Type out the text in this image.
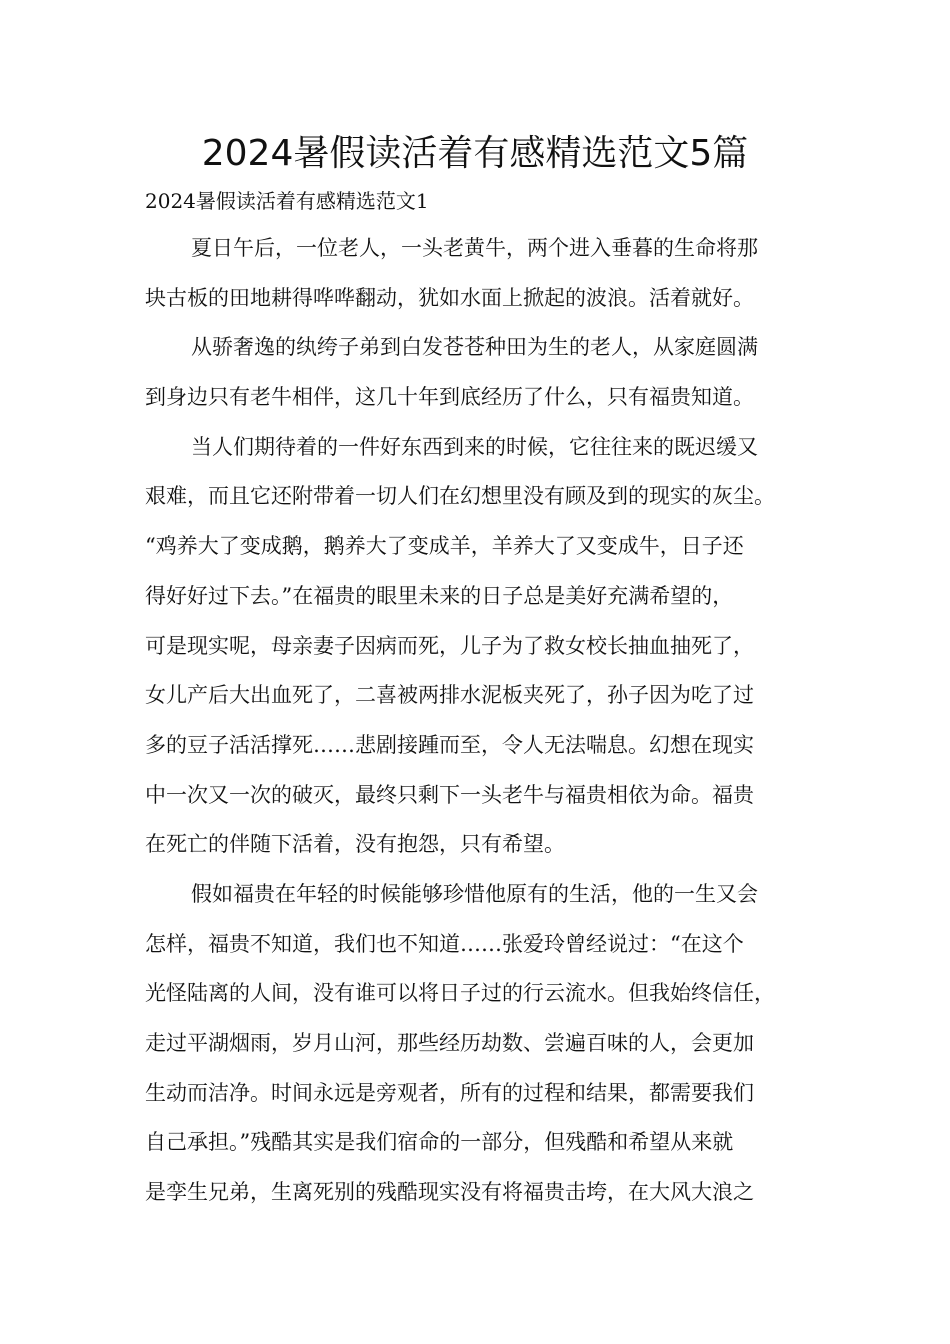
2024暑假读活着有感精选范文5篇
2024暑假读活着有感精选范文1
夏日午后，一位老人，一头老黄牛，两个进入垂暮的生命将那
块古板的田地耕得哗哗翻动，犹如水面上掀起的波浪。活着就好。
从骄奢逸的纨绔子弟到白发苍苍种田为生的老人，从家庭圆满
到身边只有老牛相伴，这几十年到底经历了什么，只有福贵知道。
当人们期待着的一件好东西到来的时候，它往往来的既迟缓又
艰难，而且它还附带着一切人们在幻想里没有顾及到的现实的灰尘。
“鸡养大了变成鹅，鹅养大了变成羊，羊养大了又变成牛，日子还
得好好过下去。”在福贵的眼里未来的日子总是美好充满希望的，
可是现实呢，母亲妻子因病而死，儿子为了救女校长抽血抽死了，
女儿产后大出血死了，二喜被两排水泥板夹死了，孙子因为吃了过
多的豆子活活撑死……悲剧接踵而至，令人无法喘息。幻想在现实
中一次又一次的破灭，最终只剩下一头老牛与福贵相依为命。福贵
在死亡的伴随下活着，没有抱怨，只有希望。
假如福贵在年轻的时候能够珍惜他原有的生活，他的一生又会
怎样，福贵不知道，我们也不知道……张爱玲曾经说过：“在这个
光怪陆离的人间，没有谁可以将日子过的行云流水。但我始终信任，
走过平湖烟雨，岁月山河，那些经历劫数、尝遍百味的人，会更加
生动而洁净。时间永远是旁观者，所有的过程和结果，都需要我们
自己承担。”残酷其实是我们宿命的一部分，但残酷和希望从来就
是孪生兄弟，生离死别的残酷现实没有将福贵击垮，在大风大浪之
